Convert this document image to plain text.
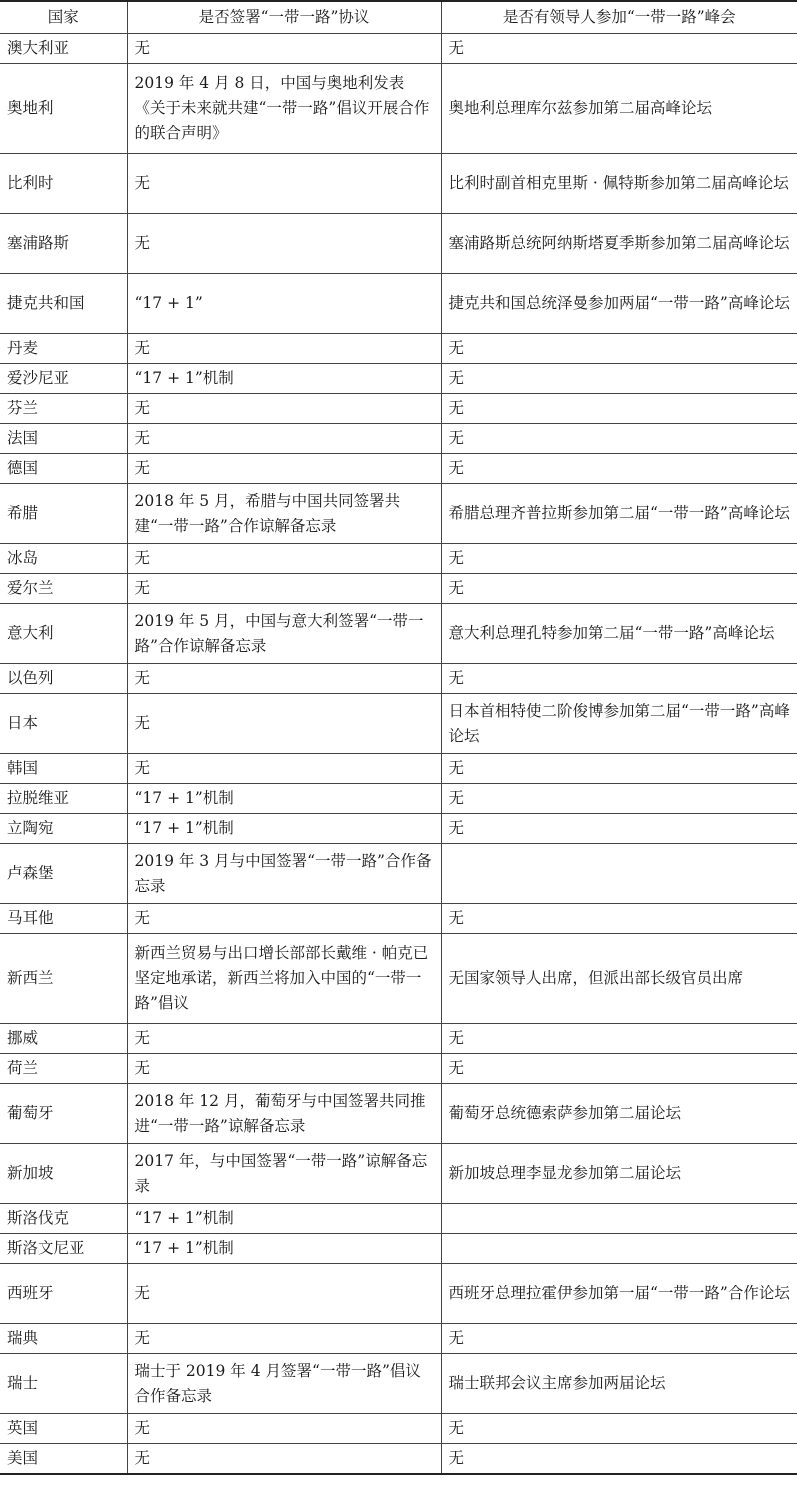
国家	是否签署“一带一路”协议	是否有领导人参加“一带一路”峰会
澳大利亚	无	无
奥地利	2019 年 4 月 8 日，中国与奥地利发表《关于未来就共建“一带一路”倡议开展合作的联合声明》	奥地利总理库尔兹参加第二届高峰论坛
比利时	无	比利时副首相克里斯 · 佩特斯参加第二届高峰论坛
塞浦路斯	无	塞浦路斯总统阿纳斯塔夏季斯参加第二届高峰论坛
捷克共和国	“17 + 1”	捷克共和国总统泽曼参加两届“一带一路”高峰论坛
丹麦	无	无
爱沙尼亚	“17 + 1”机制	无
芬兰	无	无
法国	无	无
德国	无	无
希腊	2018 年 5 月，希腊与中国共同签署共建“一带一路”合作谅解备忘录	希腊总理齐普拉斯参加第二届“一带一路”高峰论坛
冰岛	无	无
爱尔兰	无	无
意大利	2019 年 5 月，中国与意大利签署“一带一路”合作谅解备忘录	意大利总理孔特参加第二届“一带一路”高峰论坛
以色列	无	无
日本	无	日本首相特使二阶俊博参加第二届“一带一路”高峰论坛
韩国	无	无
拉脱维亚	“17 + 1”机制	无
立陶宛	“17 + 1”机制	无
卢森堡	2019 年 3 月与中国签署“一带一路”合作备忘录	
马耳他	无	无
新西兰	新西兰贸易与出口增长部部长戴维 · 帕克已坚定地承诺，新西兰将加入中国的“一带一路”倡议	无国家领导人出席，但派出部长级官员出席
挪威	无	无
荷兰	无	无
葡萄牙	2018 年 12 月，葡萄牙与中国签署共同推进“一带一路”谅解备忘录	葡萄牙总统德索萨参加第二届论坛
新加坡	2017 年，与中国签署“一带一路”谅解备忘录	新加坡总理李显龙参加第二届论坛
斯洛伐克	“17 + 1”机制	
斯洛文尼亚	“17 + 1”机制	
西班牙	无	西班牙总理拉霍伊参加第一届“一带一路”合作论坛
瑞典	无	无
瑞士	瑞士于 2019 年 4 月签署“一带一路”倡议合作备忘录	瑞士联邦会议主席参加两届论坛
英国	无	无
美国	无	无
